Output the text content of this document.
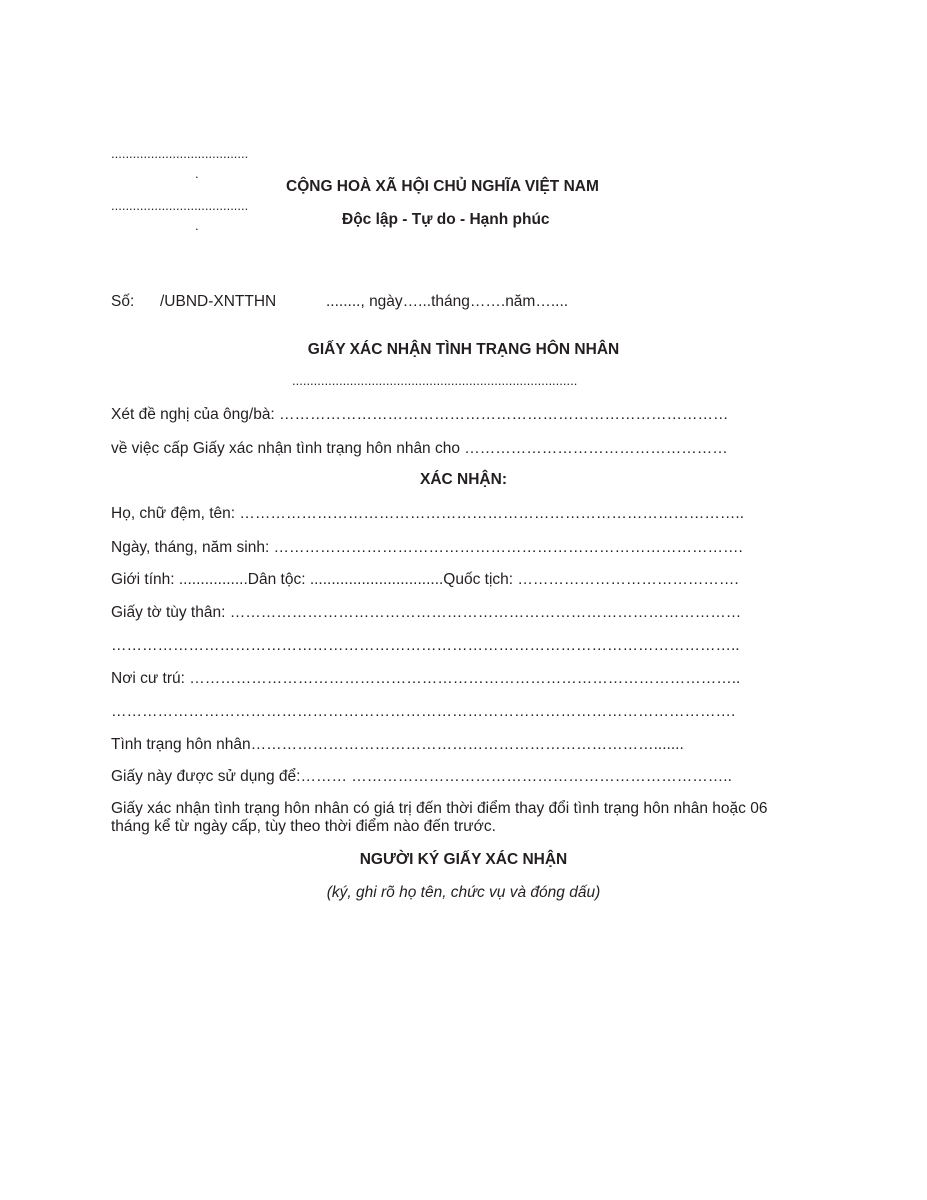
......................................
.
......................................
.
CỘNG HOÀ XÃ HỘI CHỦ NGHĨA VIỆT NAM
Độc lập - Tự do - Hạnh phúc
Số: /UBND-XNTTHN	........, ngày…...tháng…….năm…....
GIẤY XÁC NHẬN TÌNH TRẠNG HÔN NHÂN
...............................................................................
Xét đề nghị của ông/bà: ……………………………………………………………………………
về việc cấp Giấy xác nhận tình trạng hôn nhân cho ……………………………………………
XÁC NHẬN:
Họ, chữ đệm, tên: ……………………………………………………………………………………..
Ngày, tháng, năm sinh: ……………………………………………………………………………….
Giới tính: ................Dân tộc: ...............................Quốc tịch: …………………………………….
Giấy tờ tùy thân: ………………………………………………………………………………………
…………………………………………………………………………………………………………..
Nơi cư trú: ……………………………………………………………………………………………..
………………………………………………………………………………………………………….
Tình trạng hôn nhân…………………………………………………………………….......
Giấy này được sử dụng để:……… ………………………………………………………………..
Giấy xác nhận tình trạng hôn nhân có giá trị đến thời điểm thay đổi tình trạng hôn nhân hoặc 06
tháng kể từ ngày cấp, tùy theo thời điểm nào đến trước.
NGƯỜI KÝ GIẤY XÁC NHẬN
(ký, ghi rõ họ tên, chức vụ và đóng dấu)
